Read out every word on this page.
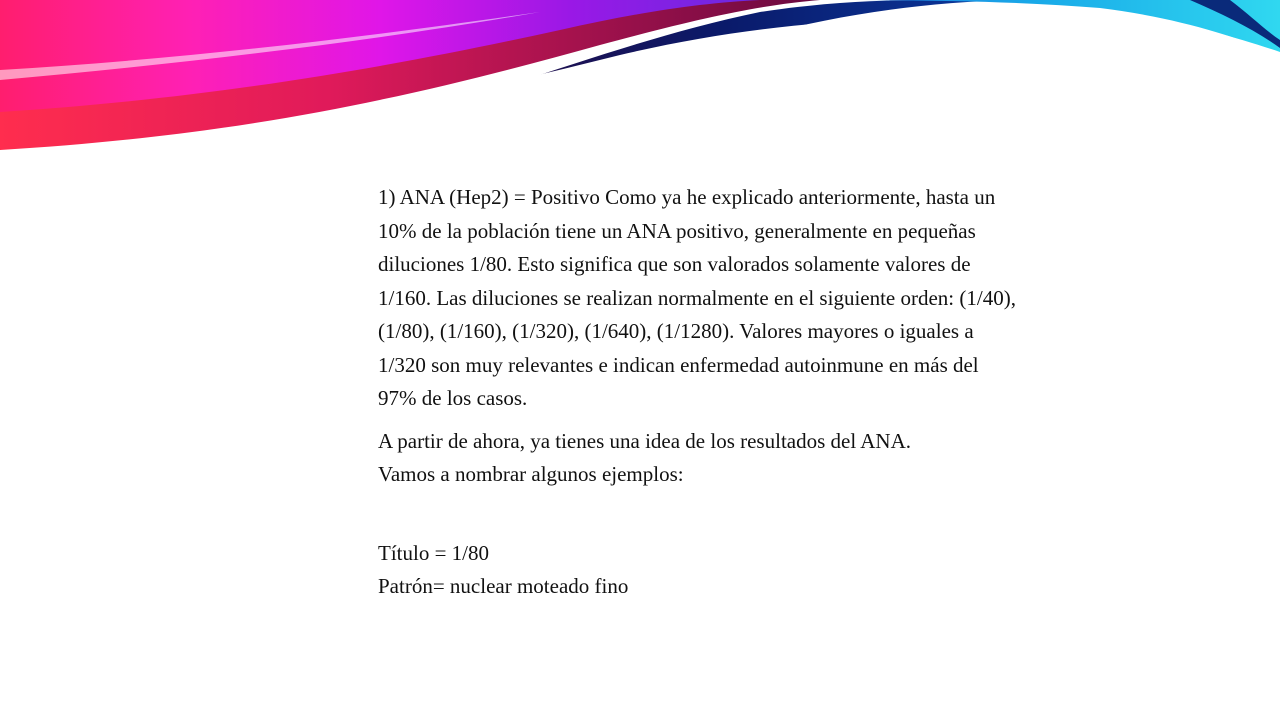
1) ANA (Hep2) = Positivo Como ya he explicado anteriormente, hasta un 10% de la población tiene un ANA positivo, generalmente en pequeñas diluciones 1/80. Esto significa que son valorados solamente valores de 1/160. Las diluciones se realizan normalmente en el siguiente orden: (1/40), (1/80), (1/160), (1/320), (1/640), (1/1280). Valores mayores o iguales a 1/320 son muy relevantes e indican enfermedad autoinmune en más del 97% de los casos.

A partir de ahora, ya tienes una idea de los resultados del ANA.
Vamos a nombrar algunos ejemplos:

Título = 1/80

Patrón= nuclear moteado fino
